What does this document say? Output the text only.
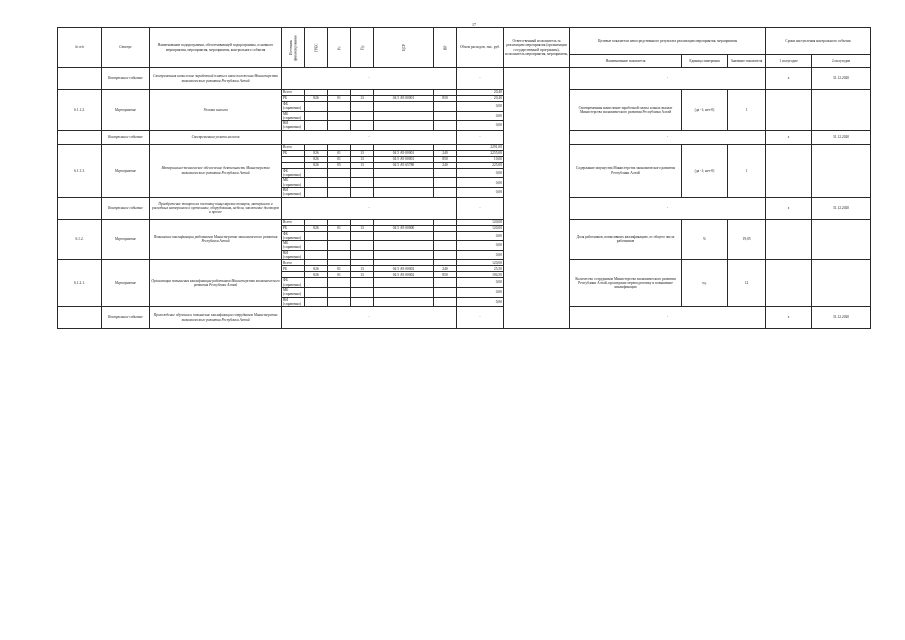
17
№ п/п	Статус	Наименование подпрограммы, обеспечивающей подпрограммы, основного мероприятия, мероприятия, мероприятия, контрольного события	Источник финансирования	ГРБС	Рз	Пр	ЦСР	ВР	Объем расходов, тыс. руб.	Ответственный исполнитель за реализацию мероприятия (организации государственной программы), исполнитель мероприятия, мероприятия,	Целевые показатели непосредственного результата реализации мероприятия, мероприятия			Сроки наступления контрольного события	
											Наименование показателя	Единица измерения	Значение показателя	1 полугодие	2 полугодие
	Контрольное событие	Своевременная начисление заработной платы в ином положении Министерства экономического развития Республики Алтай	-						-		-			х	31.12.2020
6.1.1.2.	Мероприятие	Уплата налогов	Всего						20,40		Своевременная начисление заработной платы и иных выплат Министерства экономического развития Республики Алтай	(да -1; нет-0)	1		
			РБ	826	01	13	04 5 А9 00001	850	20,40						
			ФБ (справочно)						0,00						
			МБ (справочно)						0,00						
			ВИ (справочно)						0,00						
	Контрольное событие	Своевременная уплата налогов	-						-		-			х	31.12.2020
6.1.1.3.	Мероприятие	Материально-техническое обеспечение деятельности Министерства экономического развития Республики Алтай	Всего						2291,00		Содержание имущества Министерства экономического развития Республики Алтай	(да -1; нет-0)	1		
			РБ	826	01	13	04 5 А9 00001	240	2255,00						
				826	01	13	04 5 А9 00001	850	10,00						
				826	05	13	04 5 А9 65780	240	225,00						
			ФБ (справочно)						0,00						
			МБ (справочно)						0,00						
			ВИ (справочно)						0,00						
	Контрольное событие	Приобретение товаров на поставку канцелярских товаров, материалов и расходных материалов к оргтехнике, оборудования, мебели, заключение договоров и прочее	-						-		-			х	31.12.2020
6.1.2.	Мероприятие	Повышение квалификации работников Министерства экономического развития Республики Алтай	Всего						120,00		Доля работников, повысивших квалификацию, от общего числа работников	%	19,05		
			РБ	826	01	13	04 5 А9 00000		120,00						
			ФБ (справочно)						0,00						
			МБ (справочно)						0,00						
			ВИ (справочно)						0,00						
6.1.2.1.	Мероприятие	Организация повышения квалификации работников Министерства экономического развития Республики Алтай	Всего						120,00		Количество сотрудников Министерства экономического развития Республики Алтай, прошедших переподготовку и повышение квалификации	ед.	12		
			РБ	826	01	13	04 5 А9 00002	240	25,50						
				826	01	13	04 5 А9 00002	850	194,50						
			ФБ (справочно)						0,00						
			МБ (справочно)						0,00						
			ВИ (справочно)						0,00						
	Контрольное событие	Прохождение обучения и повышение квалификации сотрудников Министерства экономического развития Республики Алтай	-						-		-			х	31.12.2020
